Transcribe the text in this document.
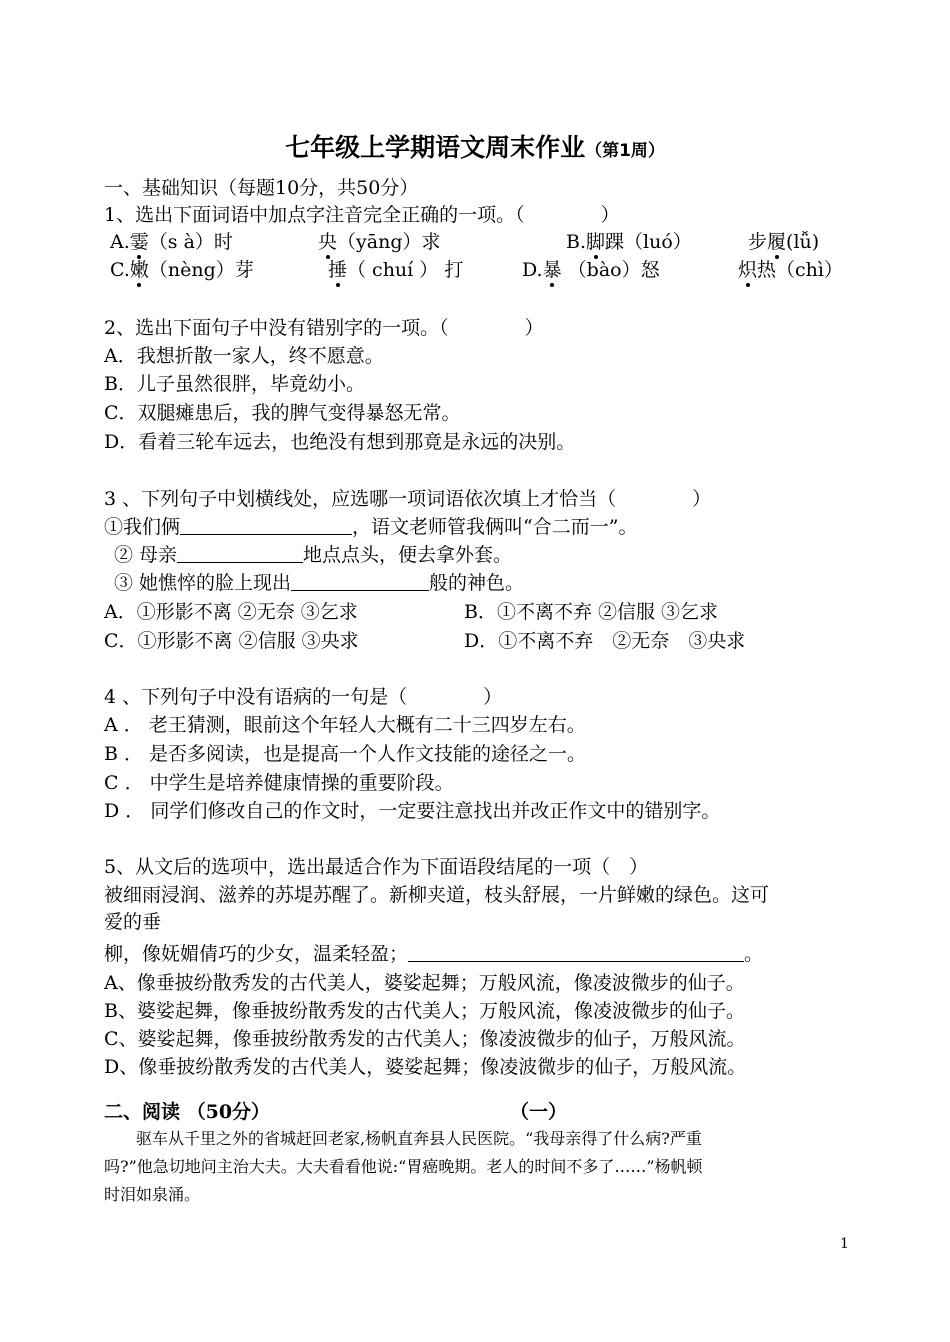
七年级上学期语文周末作业（第1周）
一、基础知识（每题10分，共50分）
1、选出下面词语中加点字注音完全正确的一项。（　　　　）
A.霎（s à）时	央（yāng）求	B.脚踝（luó）	步履(lǚ)
C.嫩（nèng）芽	捶（ chuí ） 打	D.暴 （bào）怒	炽热（chì）
2、选出下面句子中没有错别字的一项。（　　　　）
A．我想折散一家人，终不愿意。
B．儿子虽然很胖，毕竟幼小。
C．双腿瘫患后，我的脾气变得暴怒无常。
D．看着三轮车远去，也绝没有想到那竟是永远的决别。
3 、下列句子中划横线处，应选哪一项词语依次填上才恰当（　　　　）
①我们俩	，语文老师管我俩叫“合二而一”。
② 母亲	地点点头，便去拿外套。
③ 她憔悴的脸上现出	般的神色。
A．①形影不离 ②无奈 ③乞求	B．①不离不弃 ②信服 ③乞求
C．①形影不离 ②信服 ③央求	D．①不离不弃　②无奈　③央求
4 、下列句子中没有语病的一句是（　　　　）
A ． 老王猜测，眼前这个年轻人大概有二十三四岁左右。
B ． 是否多阅读，也是提高一个人作文技能的途径之一。
C ． 中学生是培养健康情操的重要阶段。
D ． 同学们修改自己的作文时，一定要注意找出并改正作文中的错别字。
5、从文后的选项中，选出最适合作为下面语段结尾的一项（　）
被细雨浸润、滋养的苏堤苏醒了。新柳夹道，枝头舒展，一片鲜嫩的绿色。这可
爱的垂
柳，像妩媚倩巧的少女，温柔轻盈；	。
A、像垂披纷散秀发的古代美人，婆娑起舞；万般风流，像凌波微步的仙子。
B、婆娑起舞，像垂披纷散秀发的古代美人；万般风流，像凌波微步的仙子。
C、婆娑起舞，像垂披纷散秀发的古代美人；像凌波微步的仙子，万般风流。
D、像垂披纷散秀发的古代美人，婆娑起舞；像凌波微步的仙子，万般风流。
二、阅读 （50分）	（一）
　　驱车从千里之外的省城赶回老家,杨帆直奔县人民医院。“我母亲得了什么病?严重
吗?”他急切地问主治大夫。大夫看看他说:“胃癌晚期。老人的时间不多了……”杨帆顿
时泪如泉涌。
1
